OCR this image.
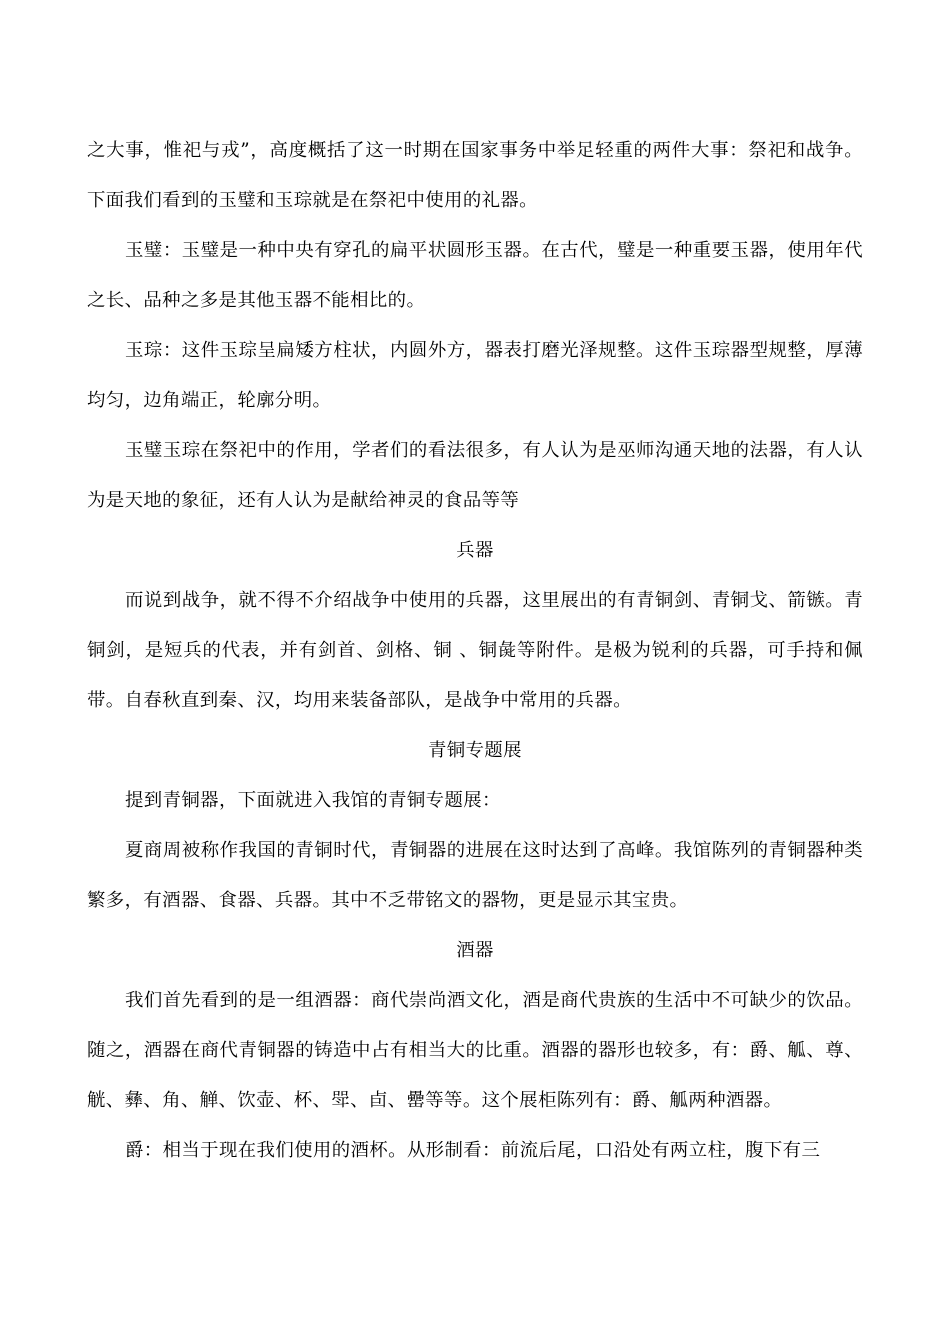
之大事，惟祀与戎”，高度概括了这一时期在国家事务中举足轻重的两件大事：祭祀和战争。下面我们看到的玉璧和玉琮就是在祭祀中使用的礼器。

玉璧：玉璧是一种中央有穿孔的扁平状圆形玉器。在古代，璧是一种重要玉器，使用年代之长、品种之多是其他玉器不能相比的。

玉琮：这件玉琮呈扁矮方柱状，内圆外方，器表打磨光泽规整。这件玉琮器型规整，厚薄均匀，边角端正，轮廓分明。

玉璧玉琮在祭祀中的作用，学者们的看法很多，有人认为是巫师沟通天地的法器，有人认为是天地的象征，还有人认为是献给神灵的食品等等

兵器

而说到战争，就不得不介绍战争中使用的兵器，这里展出的有青铜剑、青铜戈、箭镞。青铜剑，是短兵的代表，并有剑首、剑格、铜 、铜彘等附件。是极为锐利的兵器，可手持和佩带。自春秋直到秦、汉，均用来装备部队，是战争中常用的兵器。

青铜专题展

提到青铜器，下面就进入我馆的青铜专题展：

夏商周被称作我国的青铜时代，青铜器的进展在这时达到了高峰。我馆陈列的青铜器种类繁多，有酒器、食器、兵器。其中不乏带铭文的器物，更是显示其宝贵。

酒器

我们首先看到的是一组酒器：商代崇尚酒文化，酒是商代贵族的生活中不可缺少的饮品。随之，酒器在商代青铜器的铸造中占有相当大的比重。酒器的器形也较多，有：爵、觚、尊、觥、彝、角、觯、饮壶、杯、斝、卣、罍等等。这个展柜陈列有：爵、觚两种酒器。

爵：相当于现在我们使用的酒杯。从形制看：前流后尾，口沿处有两立柱，腹下有三
